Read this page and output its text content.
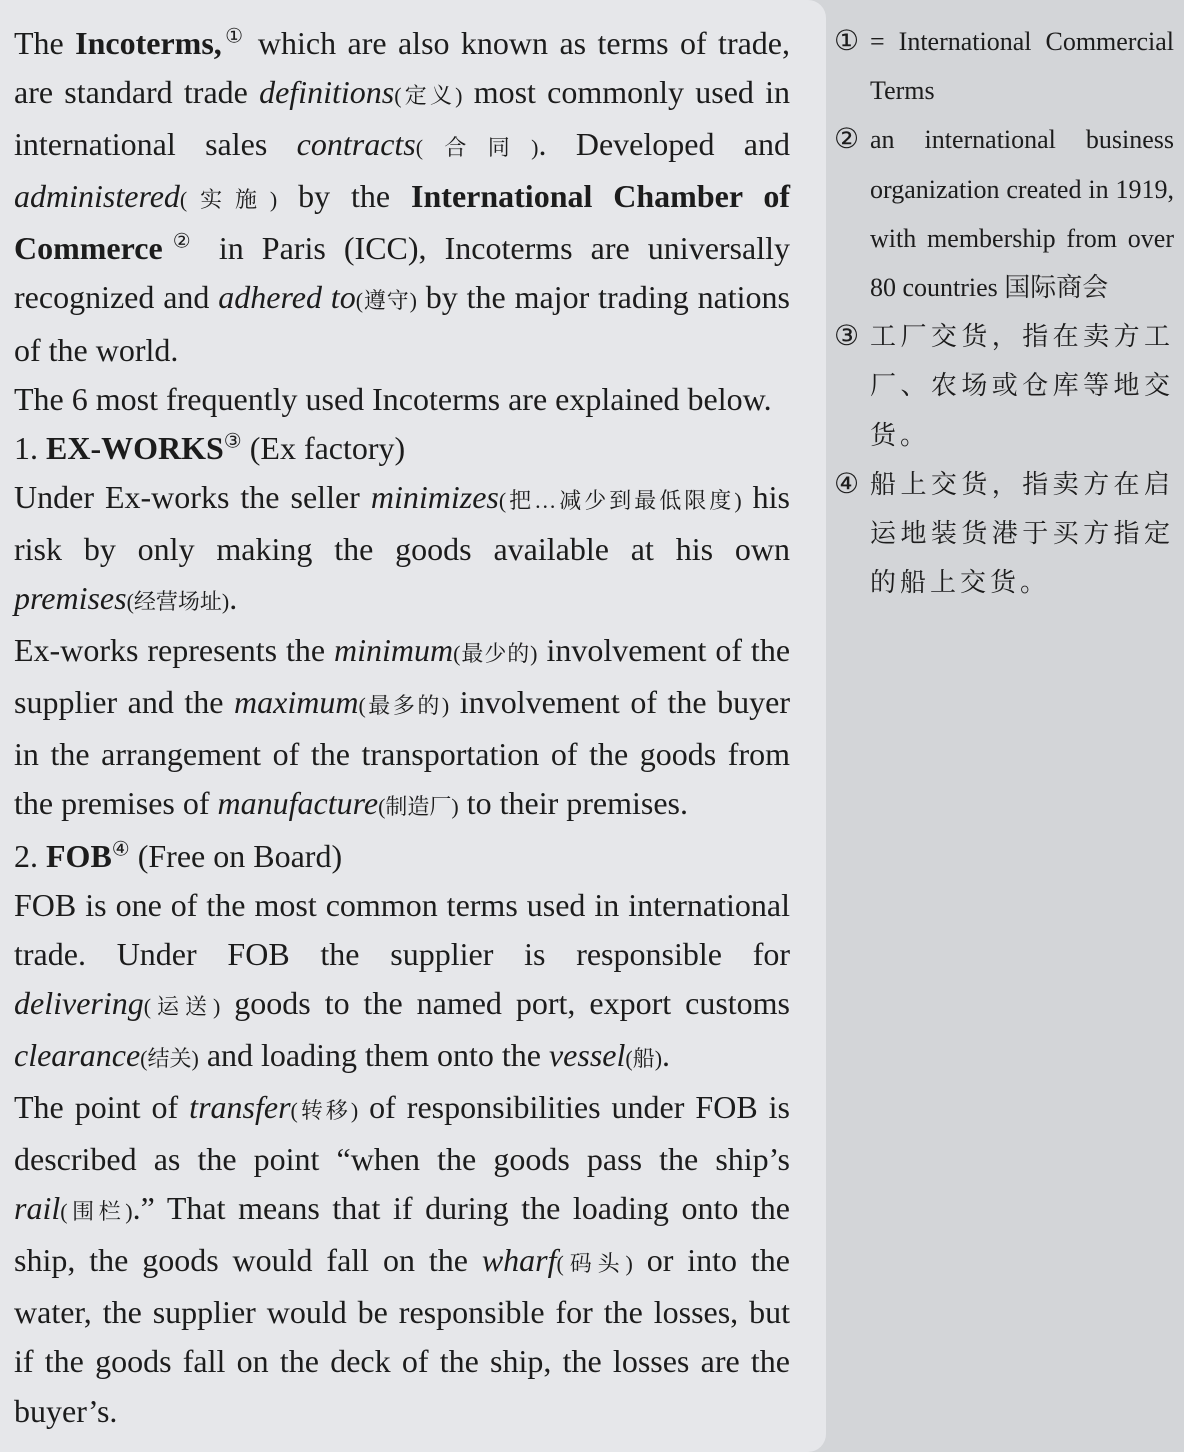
The Incoterms,① which are also known as terms of trade, are standard trade definitions(定义) most commonly used in international sales contracts(合同). Developed and administered(实施) by the International Chamber of Commerce② in Paris (ICC), Incoterms are universally recognized and adhered to(遵守) by the major trading nations of the world.

The 6 most frequently used Incoterms are explained below.

1. EX-WORKS③ (Ex factory)

Under Ex-works the seller minimizes(把…减少到最低限度) his risk by only making the goods available at his own premises(经营场址).

Ex-works represents the minimum(最少的) involvement of the supplier and the maximum(最多的) involvement of the buyer in the arrangement of the transportation of the goods from the premises of manufacture(制造厂) to their premises.

2. FOB④ (Free on Board)

FOB is one of the most common terms used in international trade. Under FOB the supplier is responsible for delivering(运送) goods to the named port, export customs clearance(结关) and loading them onto the vessel(船).

The point of transfer(转移) of responsibilities under FOB is described as the point “when the goods pass the ship’s rail(围栏).” That means that if during the loading onto the ship, the goods would fall on the wharf(码头) or into the water, the supplier would be responsible for the losses, but if the goods fall on the deck of the ship, the losses are the buyer’s.

① = International Commercial Terms
② an international business organization created in 1919, with membership from over 80 countries 国际商会
③ 工厂交货，指在卖方工厂、农场或仓库等地交货。
④ 船上交货，指卖方在启运地装货港于买方指定的船上交货。
